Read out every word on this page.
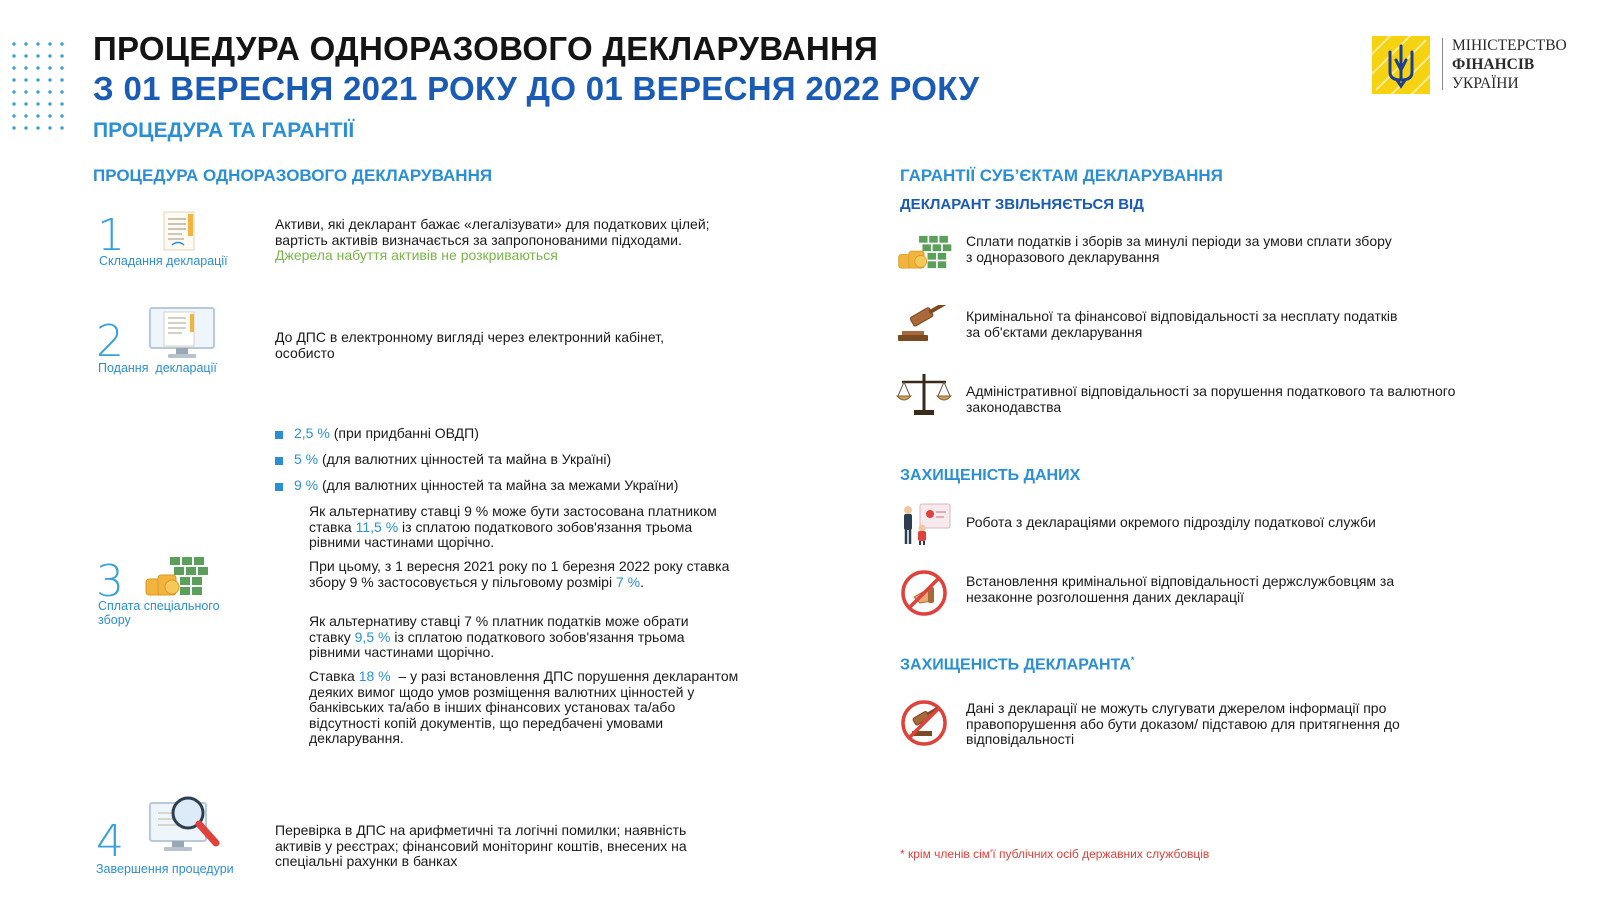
ПРОЦЕДУРА ОДНОРАЗОВОГО ДЕКЛАРУВАННЯ
З 01 ВЕРЕСНЯ 2021 РОКУ ДО 01 ВЕРЕСНЯ 2022 РОКУ
ПРОЦЕДУРА ТА ГАРАНТІЇ
МІНІСТЕРСТВО
ФІНАНСІВ
УКРАЇНИ
ПРОЦЕДУРА ОДНОРАЗОВОГО ДЕКЛАРУВАННЯ
1
Складання декларації
Активи, які декларант бажає «легалізувати» для податкових цілей;
вартість активів визначається за запропонованими підходами.
Джерела набуття активів не розкриваються
2
Подання  декларації
До ДПС в електронному вигляді через електронний кабінет,
особисто
2,5 % (при придбанні ОВДП)
5 % (для валютних цінностей та майна в Україні)
9 % (для валютних цінностей та майна за межами України)
Як альтернативу ставці 9 % може бути застосована платником
ставка 11,5 % із сплатою податкового зобов'язання трьома
рівними частинами щорічно.
При цьому, з 1 вересня 2021 року по 1 березня 2022 року ставка
збору 9 % застосовується у пільговому розмірі 7 %.
3
Сплата спеціального
збору	Як альтернативу ставці 7 % платник податків може обрати
ставку 9,5 % із сплатою податкового зобов'язання трьома
рівними частинами щорічно.
Ставка 18 %  – у разі встановлення ДПС порушення декларантом
деяких вимог щодо умов розміщення валютних цінностей у
банківських та/або в інших фінансових установах та/або
відсутності копій документів, що передбачені умовами
декларування.
4
Завершення процедури
Перевірка в ДПС на арифметичні та логічні помилки; наявність
активів у реєстрах; фінансовий моніторинг коштів, внесених на
спеціальні рахунки в банках
ГАРАНТІЇ СУБ’ЄКТАМ ДЕКЛАРУВАННЯ
ДЕКЛАРАНТ ЗВІЛЬНЯЄТЬСЯ ВІД
Сплати податків і зборів за минулі періоди за умови сплати збору
з одноразового декларування
Кримінальної та фінансової відповідальності за несплату податків
за об'єктами декларування
Адміністративної відповідальності за порушення податкового та валютного
законодавства
ЗАХИЩЕНІСТЬ ДАНИХ
Робота з деклараціями окремого підрозділу податкової служби
Встановлення кримінальної відповідальності держслужбовцям за
незаконне розголошення даних декларації
ЗАХИЩЕНІСТЬ ДЕКЛАРАНТА*
Дані з декларації не можуть слугувати джерелом інформації про
правопорушення або бути доказом/ підставою для притягнення до
відповідальності
* крім членів сім'ї публічних осіб державних службовців
